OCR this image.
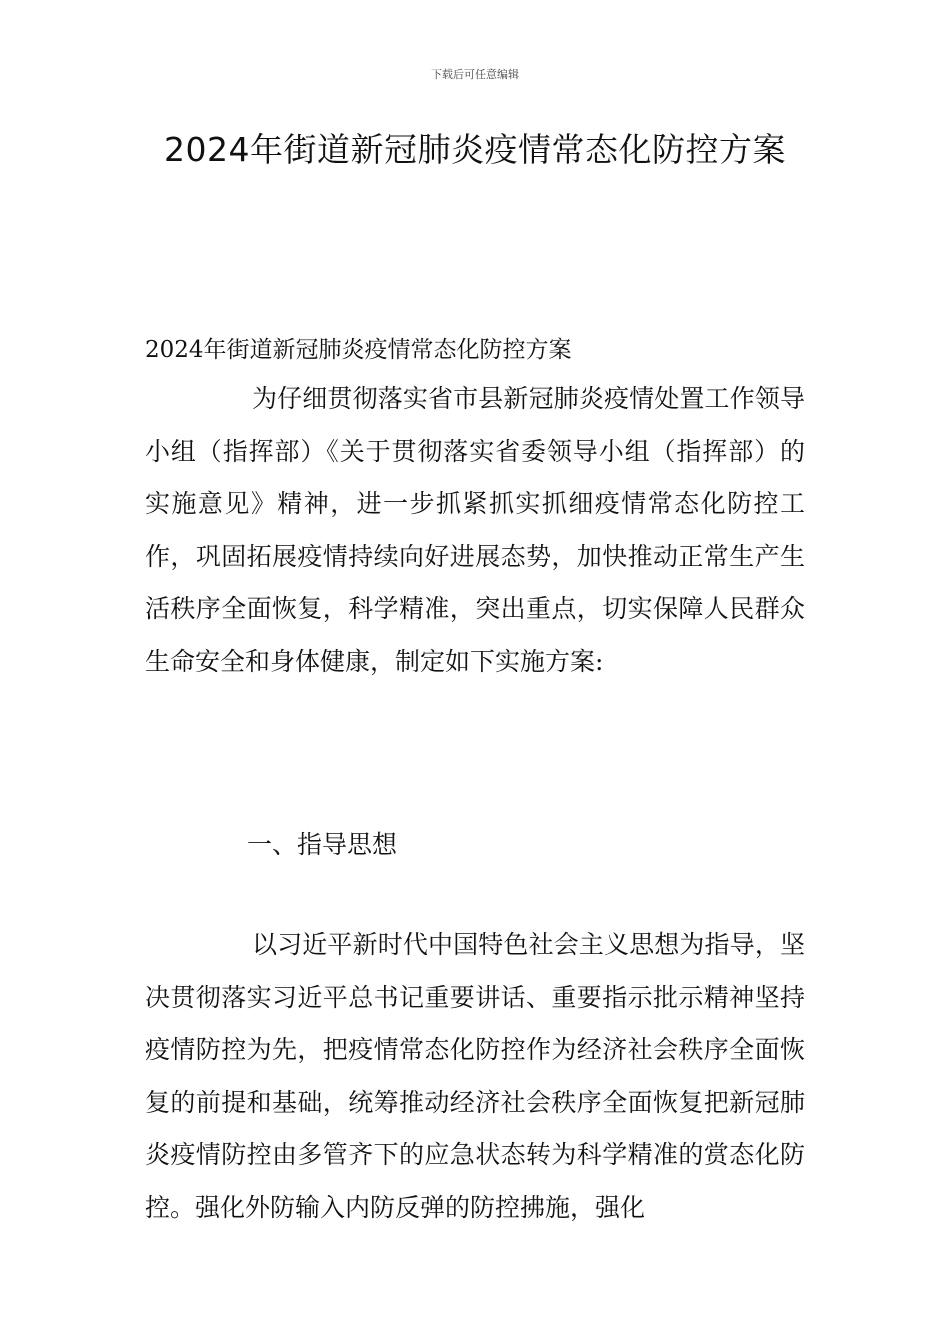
下载后可任意编辑
2024年街道新冠肺炎疫情常态化防控方案
2024年街道新冠肺炎疫情常态化防控方案

为仔细贯彻落实省市县新冠肺炎疫情处置工作领导小组（指挥部）《关于贯彻落实省委领导小组（指挥部）的实施意见》精神，进一步抓紧抓实抓细疫情常态化防控工作，巩固拓展疫情持续向好进展态势，加快推动正常生产生活秩序全面恢复，科学精准，突出重点，切实保障人民群众生命安全和身体健康，制定如下实施方案:

一、指导思想

以习近平新时代中国特色社会主义思想为指导，坚决贯彻落实习近平总书记重要讲话、重要指示批示精神坚持疫情防控为先，把疫情常态化防控作为经济社会秩序全面恢复的前提和基础，统筹推动经济社会秩序全面恢复把新冠肺炎疫情防控由多管齐下的应急状态转为科学精准的赏态化防控。强化外防输入内防反弹的防控拂施，强化
